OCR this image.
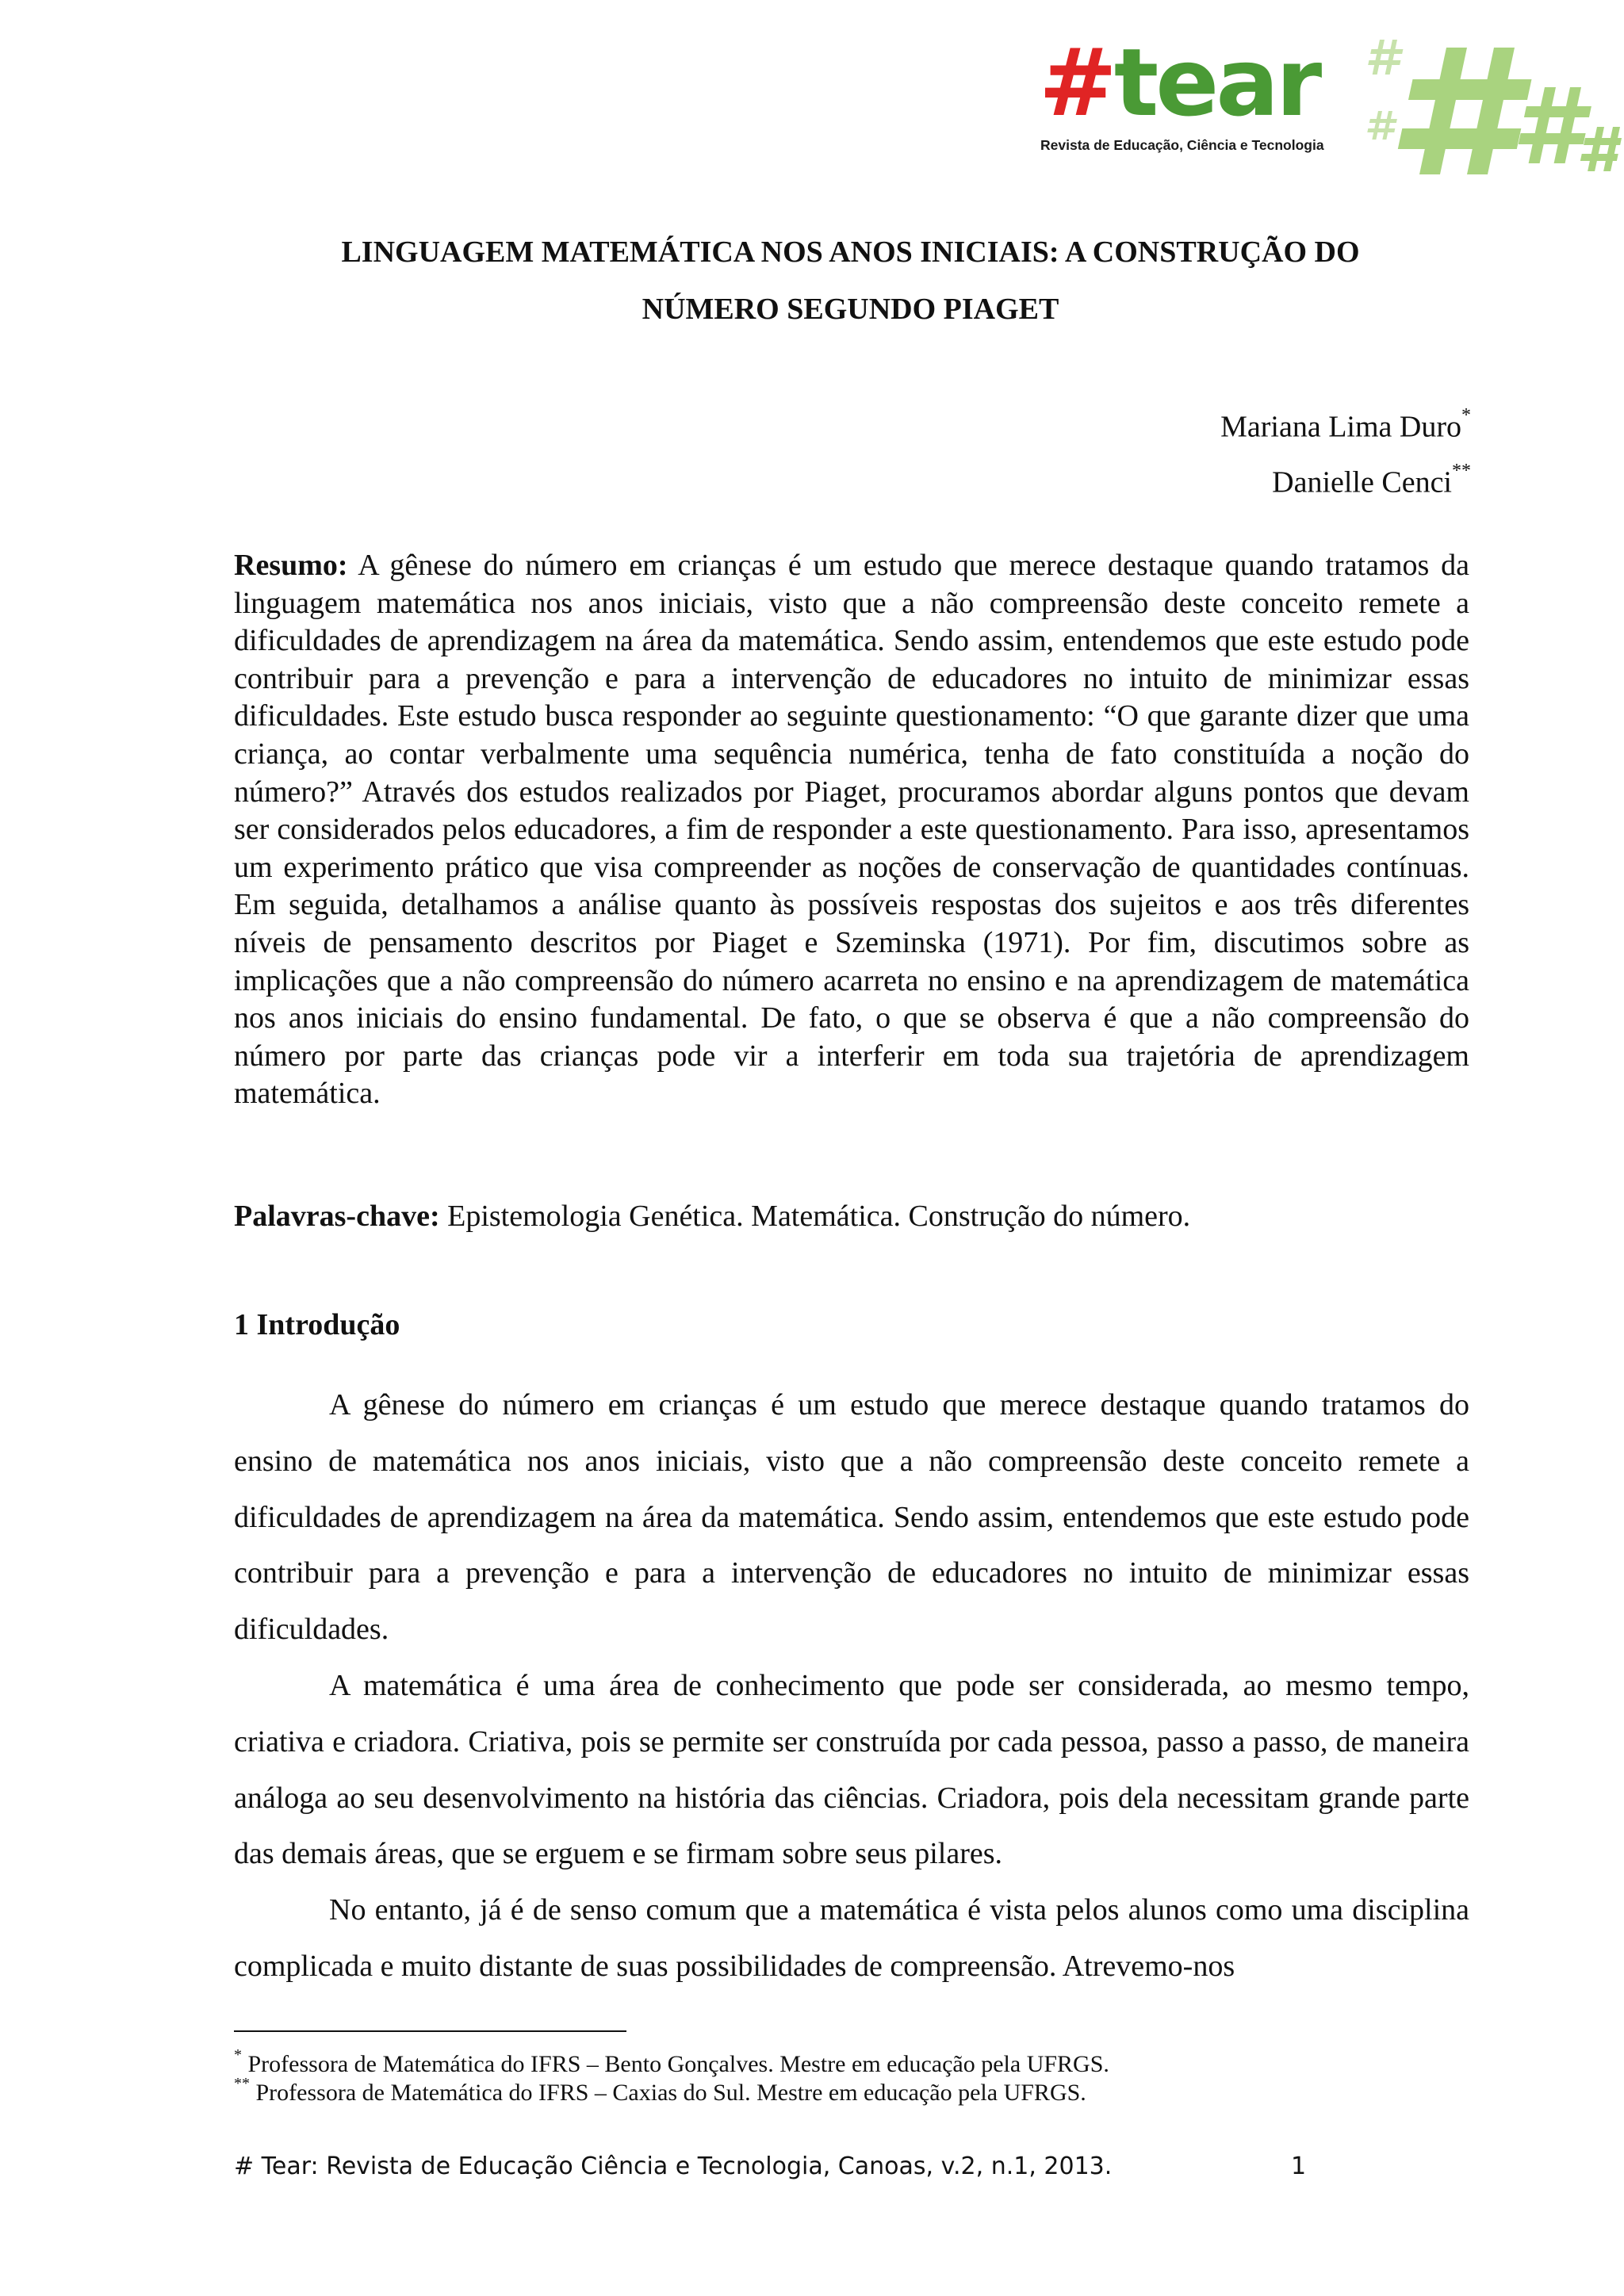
#tear
Revista de Educação, Ciência e Tecnologia
LINGUAGEM MATEMÁTICA NOS ANOS INICIAIS: A CONSTRUÇÃO DO
NÚMERO SEGUNDO PIAGET
Mariana Lima Duro*
Danielle Cenci**

Resumo: A gênese do número em crianças é um estudo que merece destaque quando tratamos da linguagem matemática nos anos iniciais, visto que a não compreensão deste conceito remete a dificuldades de aprendizagem na área da matemática. Sendo assim, entendemos que este estudo pode contribuir para a prevenção e para a intervenção de educadores no intuito de minimizar essas dificuldades. Este estudo busca responder ao seguinte questionamento: “O que garante dizer que uma criança, ao contar verbalmente uma sequência numérica, tenha de fato constituída a noção do número?” Através dos estudos realizados por Piaget, procuramos abordar alguns pontos que devam ser considerados pelos educadores, a fim de responder a este questionamento. Para isso, apresentamos um experimento prático que visa compreender as noções de conservação de quantidades contínuas. Em seguida, detalhamos a análise quanto às possíveis respostas dos sujeitos e aos três diferentes níveis de pensamento descritos por Piaget e Szeminska (1971). Por fim, discutimos sobre as implicações que a não compreensão do número acarreta no ensino e na aprendizagem de matemática nos anos iniciais do ensino fundamental. De fato, o que se observa é que a não compreensão do número por parte das crianças pode vir a interferir em toda sua trajetória de aprendizagem matemática.

Palavras-chave: Epistemologia Genética. Matemática. Construção do número.

1 Introdução

A gênese do número em crianças é um estudo que merece destaque quando tratamos do ensino de matemática nos anos iniciais, visto que a não compreensão deste conceito remete a dificuldades de aprendizagem na área da matemática. Sendo assim, entendemos que este estudo pode contribuir para a prevenção e para a intervenção de educadores no intuito de minimizar essas dificuldades.

A matemática é uma área de conhecimento que pode ser considerada, ao mesmo tempo, criativa e criadora. Criativa, pois se permite ser construída por cada pessoa, passo a passo, de maneira análoga ao seu desenvolvimento na história das ciências. Criadora, pois dela necessitam grande parte das demais áreas, que se erguem e se firmam sobre seus pilares.

No entanto, já é de senso comum que a matemática é vista pelos alunos como uma disciplina complicada e muito distante de suas possibilidades de compreensão. Atrevemo-nos

* Professora de Matemática do IFRS – Bento Gonçalves. Mestre em educação pela UFRGS.
** Professora de Matemática do IFRS – Caxias do Sul. Mestre em educação pela UFRGS.
# Tear: Revista de Educação Ciência e Tecnologia, Canoas, v.2, n.1, 2013.	1
